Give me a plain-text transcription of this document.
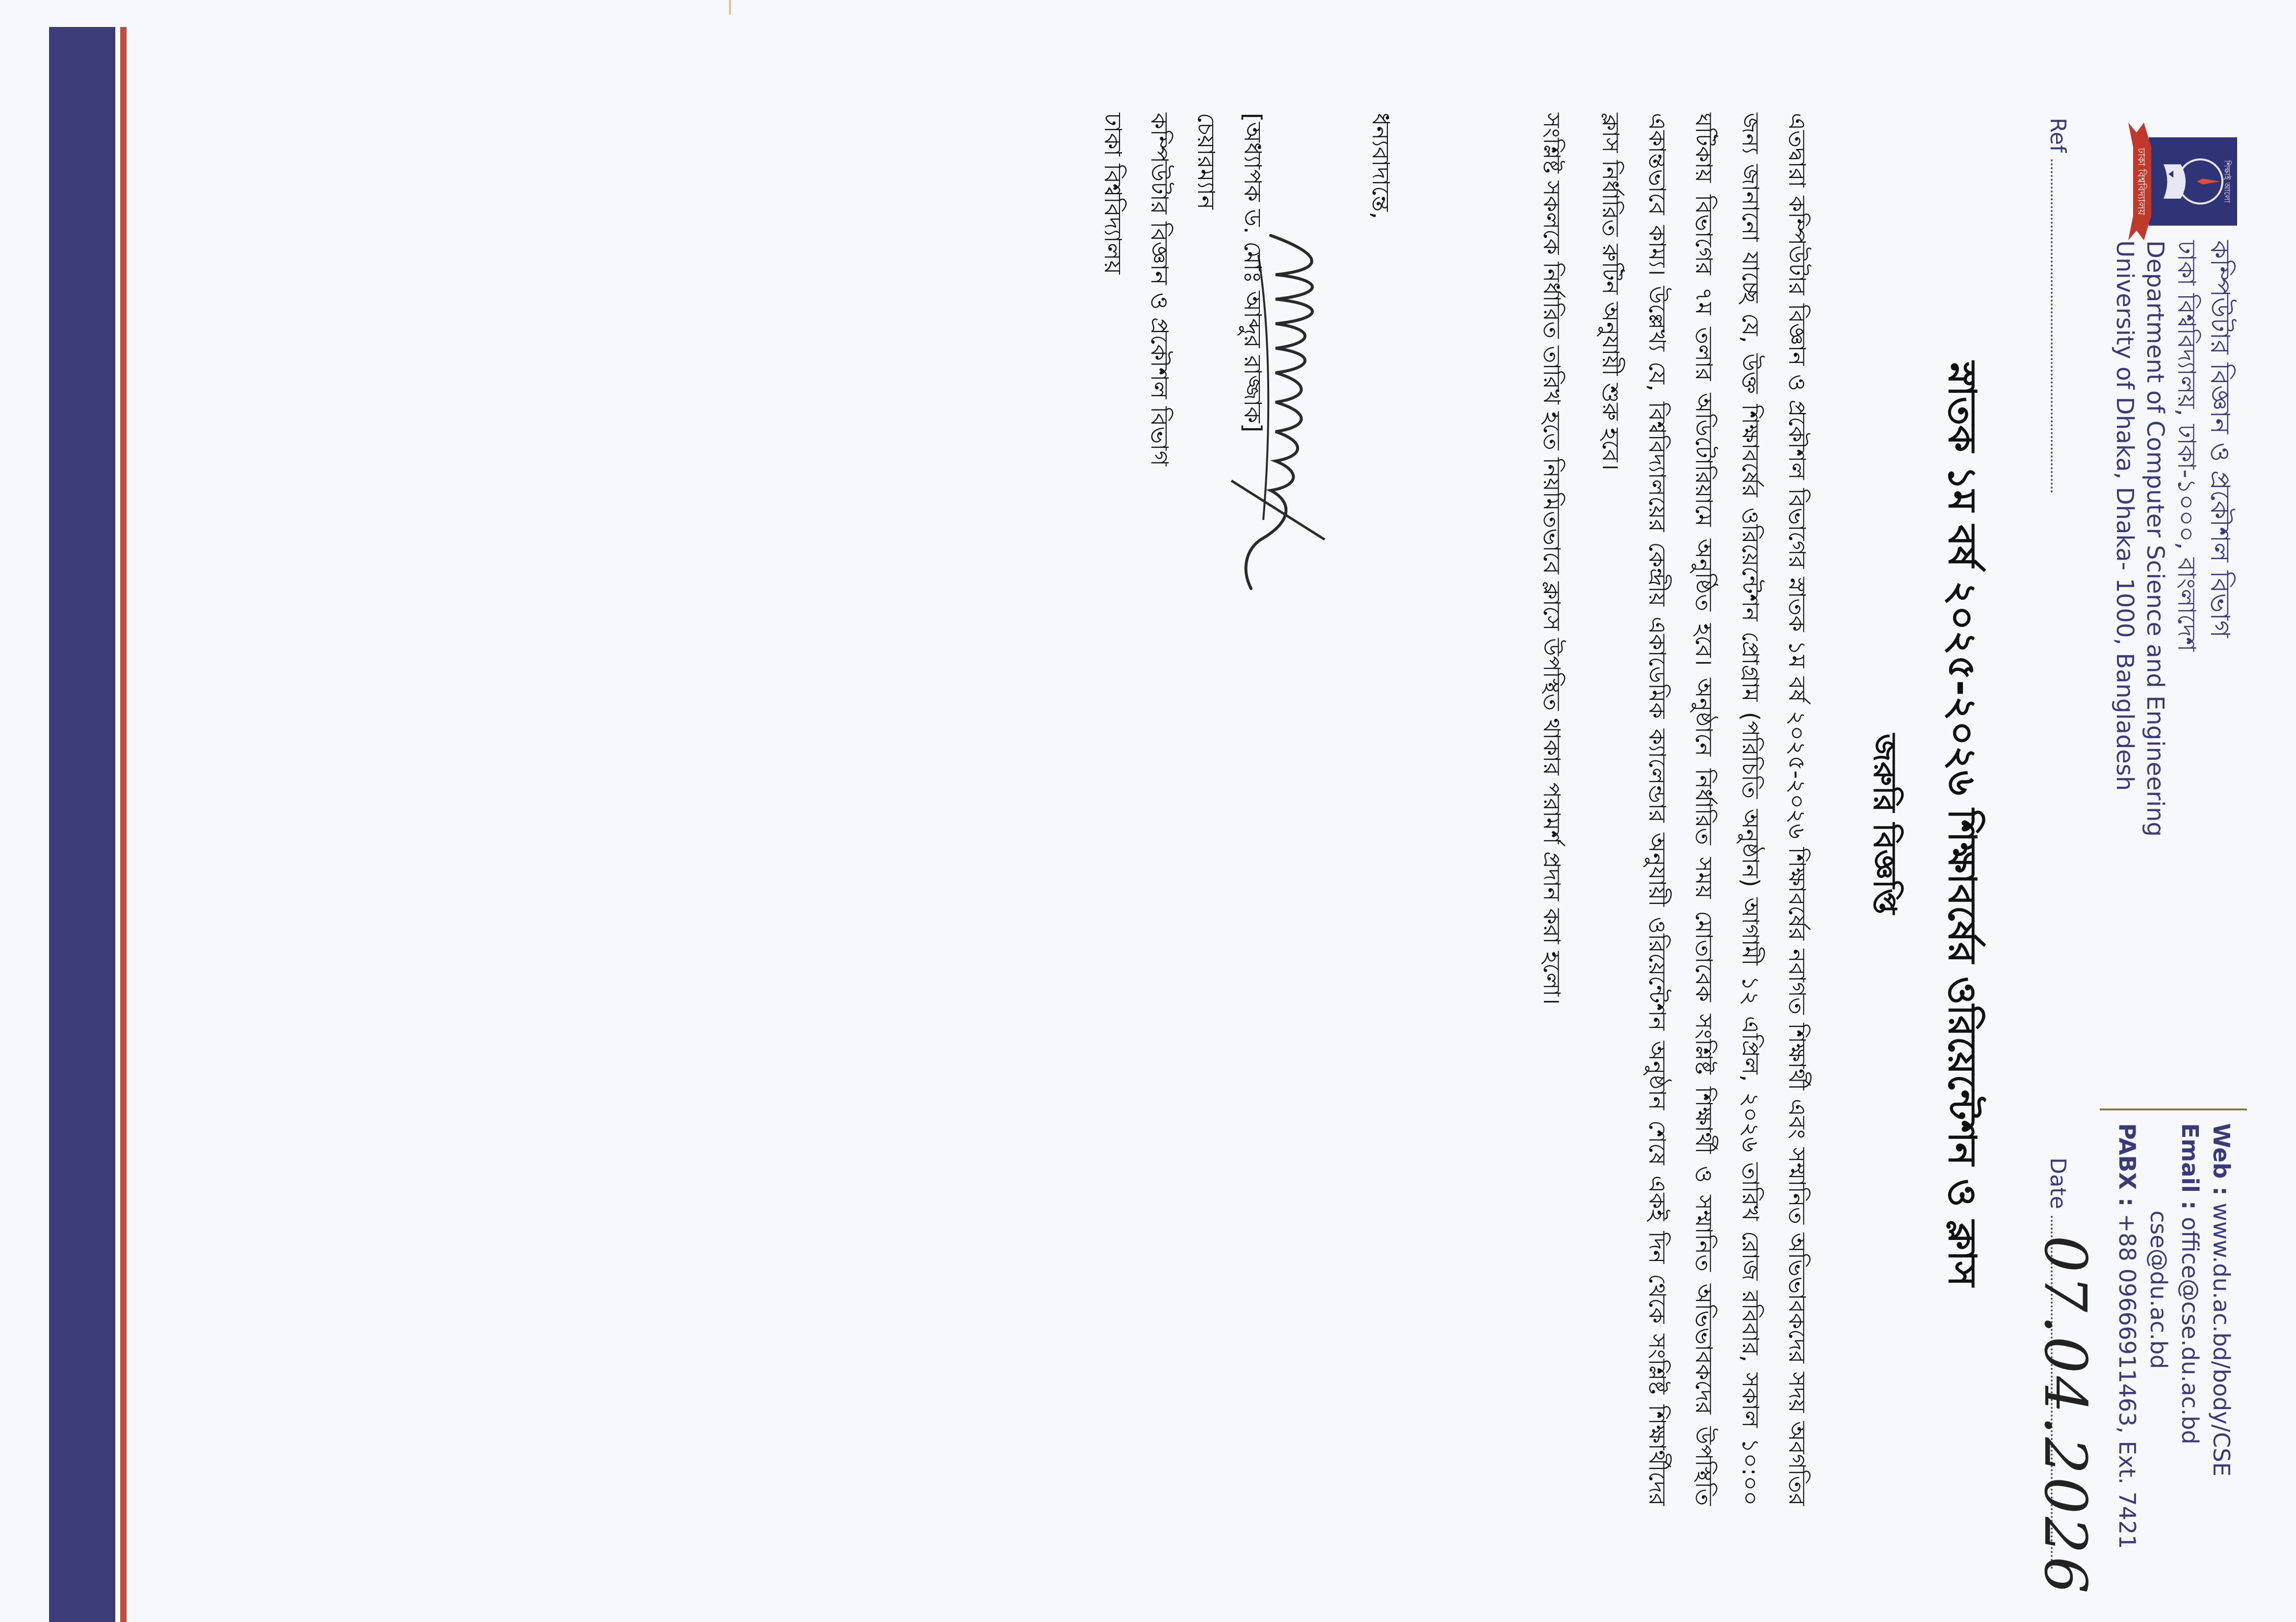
ঢাকা বিশ্ববিদ্যালয়	শিক্ষাই আলো
কম্পিউটার বিজ্ঞান ও প্রকৌশল বিভাগ
ঢাকা বিশ্ববিদ্যালয়, ঢাকা-১০০০, বাংলাদেশ
Department of Computer Science and Engineering
University of Dhaka, Dhaka- 1000, Bangladesh
Web : www.du.ac.bd/body/CSE
Email : office@cse.du.ac.bd
cse@du.ac.bd
PABX : +88 09666911463, Ext. 7421
Ref
Date
07.04.2026
স্নাতক ১ম বর্ষ ২০২৫-২০২৬ শিক্ষাবর্ষের ওরিয়েন্টেশন ও ক্লাস
জরুরি বিজ্ঞপ্তি
এতদ্বারা কম্পিউটার বিজ্ঞান ও প্রকৌশল বিভাগের স্নাতক ১ম বর্ষ ২০২৫-২০২৬ শিক্ষাবর্ষের নবাগত শিক্ষার্থী এবং সম্মানিত অভিভাবকদের সদয় অবগতির জন্য জানানো যাচ্ছে যে, উক্ত শিক্ষাবর্ষের ওরিয়েন্টেশন প্রোগ্রাম (পরিচিতি অনুষ্ঠান) আগামী ১২ এপ্রিল, ২০২৬ তারিখ রোজ রবিবার, সকাল ১০:০০ ঘটিকায় বিভাগের ৭ম তলার অডিটোরিয়ামে অনুষ্ঠিত হবে। অনুষ্ঠানে নির্ধারিত সময় মোতাবেক সংশ্লিষ্ট শিক্ষার্থী ও সম্মানিত অভিভাবকদের উপস্থিতি একান্তভাবে কাম্য। উল্লেখ্য যে, বিশ্ববিদ্যালয়ের কেন্দ্রীয় একাডেমিক ক্যালেন্ডার অনুযায়ী ওরিয়েন্টেশন অনুষ্ঠান শেষে একই দিন থেকে সংশ্লিষ্ট শিক্ষার্থীদের ক্লাস নির্ধারিত রুটিন অনুযায়ী শুরু হবে।
সংশ্লিষ্ট সকলকে নির্ধারিত তারিখ হতে নিয়মিতভাবে ক্লাসে উপস্থিত থাকার পরামর্শ প্রদান করা হলো।
ধন্যবাদান্তে,
[অধ্যাপক ড. মোঃ আব্দুর রাজ্জাক]
চেয়ারম্যান
কম্পিউটার বিজ্ঞান ও প্রকৌশল বিভাগ
ঢাকা বিশ্ববিদ্যালয়
